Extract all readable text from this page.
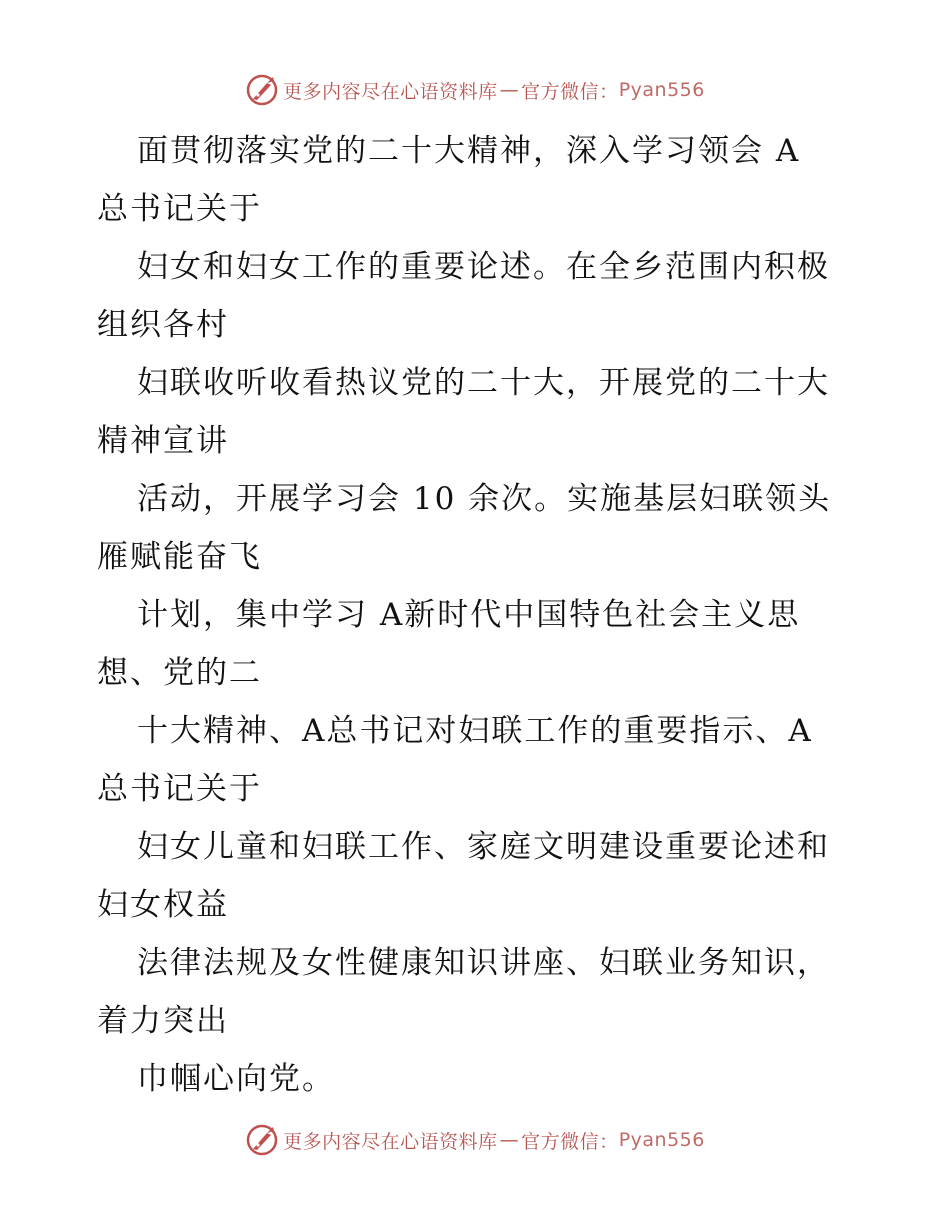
更多内容尽在心语资料库 — 官方微信： Pyan556
面贯彻落实党的二十大精神，深入学习领会 A
总书记关于
妇女和妇女工作的重要论述。在全乡范围内积极
组织各村
妇联收听收看热议党的二十大，开展党的二十大
精神宣讲
活动，开展学习会 10 余次。实施基层妇联领头
雁赋能奋飞
计划，集中学习 A新时代中国特色社会主义思
想、党的二
十大精神、A总书记对妇联工作的重要指示、A
总书记关于
妇女儿童和妇联工作、家庭文明建设重要论述和
妇女权益
法律法规及女性健康知识讲座、妇联业务知识，
着力突出
巾帼心向党。
更多内容尽在心语资料库 — 官方微信： Pyan556
